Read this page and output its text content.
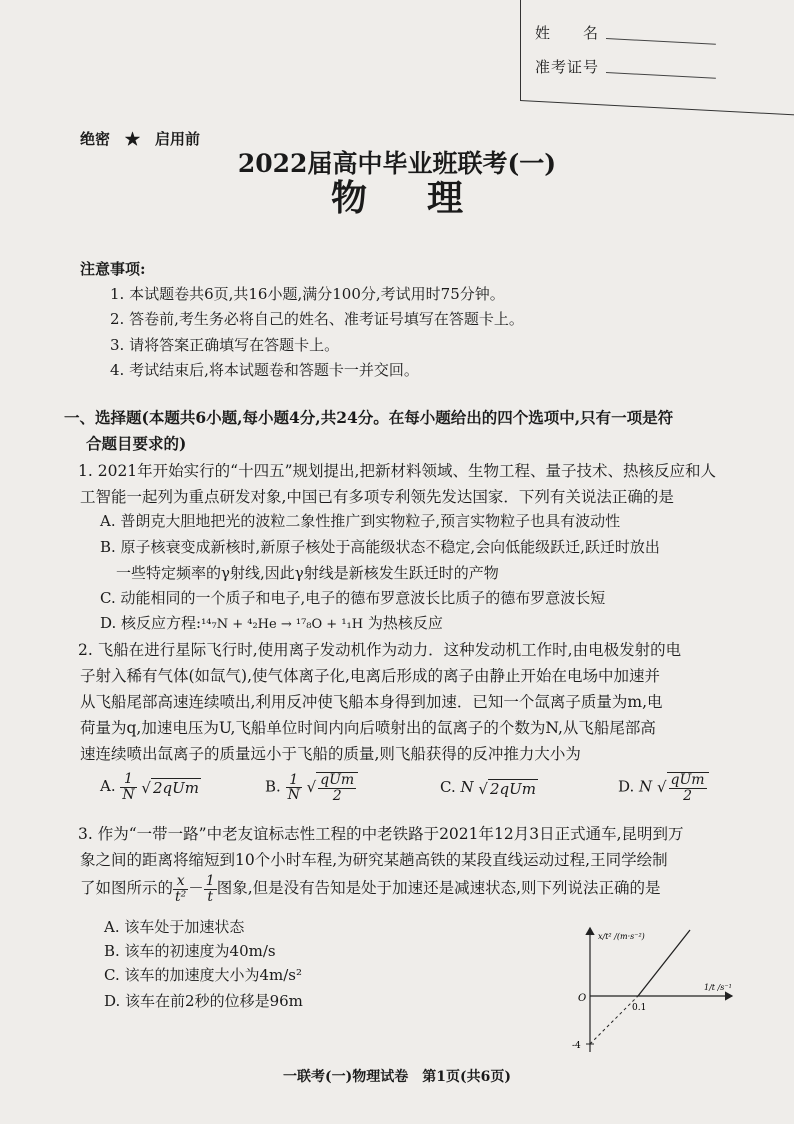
姓　　名
准考证号
绝密　★　启用前
2022届高中毕业班联考(一)
物理
注意事项:
1. 本试题卷共6页,共16小题,满分100分,考试用时75分钟。
2. 答卷前,考生务必将自己的姓名、准考证号填写在答题卡上。
3. 请将答案正确填写在答题卡上。
4. 考试结束后,将本试题卷和答题卡一并交回。
一、选择题(本题共6小题,每小题4分,共24分。在每小题给出的四个选项中,只有一项是符
合题目要求的)
1. 2021年开始实行的“十四五”规划提出,把新材料领域、生物工程、量子技术、热核反应和人
工智能一起列为重点研发对象,中国已有多项专利领先发达国家．下列有关说法正确的是
A. 普朗克大胆地把光的波粒二象性推广到实物粒子,预言实物粒子也具有波动性
B. 原子核衰变成新核时,新原子核处于高能级状态不稳定,会向低能级跃迁,跃迁时放出
一些特定频率的γ射线,因此γ射线是新核发生跃迁时的产物
C. 动能相同的一个质子和电子,电子的德布罗意波长比质子的德布罗意波长短
D. 核反应方程:¹⁴₇N + ⁴₂He → ¹⁷₈O + ¹₁H 为热核反应
2. 飞船在进行星际飞行时,使用离子发动机作为动力．这种发动机工作时,由电极发射的电
子射入稀有气体(如氙气),使气体离子化,电离后形成的离子由静止开始在电场中加速并
从飞船尾部高速连续喷出,利用反冲使飞船本身得到加速．已知一个氙离子质量为m,电
荷量为q,加速电压为U,飞船单位时间内向后喷射出的氙离子的个数为N,从飞船尾部高
速连续喷出氙离子的质量远小于飞船的质量,则飞船获得的反冲推力大小为
A. $\frac{1}{N}$ √ 2qUm	B. $\frac{1}{N}$ √ $\frac{\text{qUm}}{2}$	C. N √ 2qUm	D. N √ $\frac{\text{qUm}}{2}$
3. 作为“一带一路”中老友谊标志性工程的中老铁路于2021年12月3日正式通车,昆明到万
象之间的距离将缩短到10个小时车程,为研究某趟高铁的某段直线运动过程,王同学绘制
了如图所示的 $\frac{x}{\text{t²}} - \frac{1}{t}$ 图象,但是没有告知是处于加速还是减速状态,则下列说法正确的是
A. 该车处于加速状态
B. 该车的初速度为40m/s
C. 该车的加速度大小为4m/s²
D. 该车在前2秒的位移是96m
x/t² /(m·s⁻²)
1/t /s⁻¹
O
0.1
-4
一联考(一)物理试卷　第1页(共6页)
